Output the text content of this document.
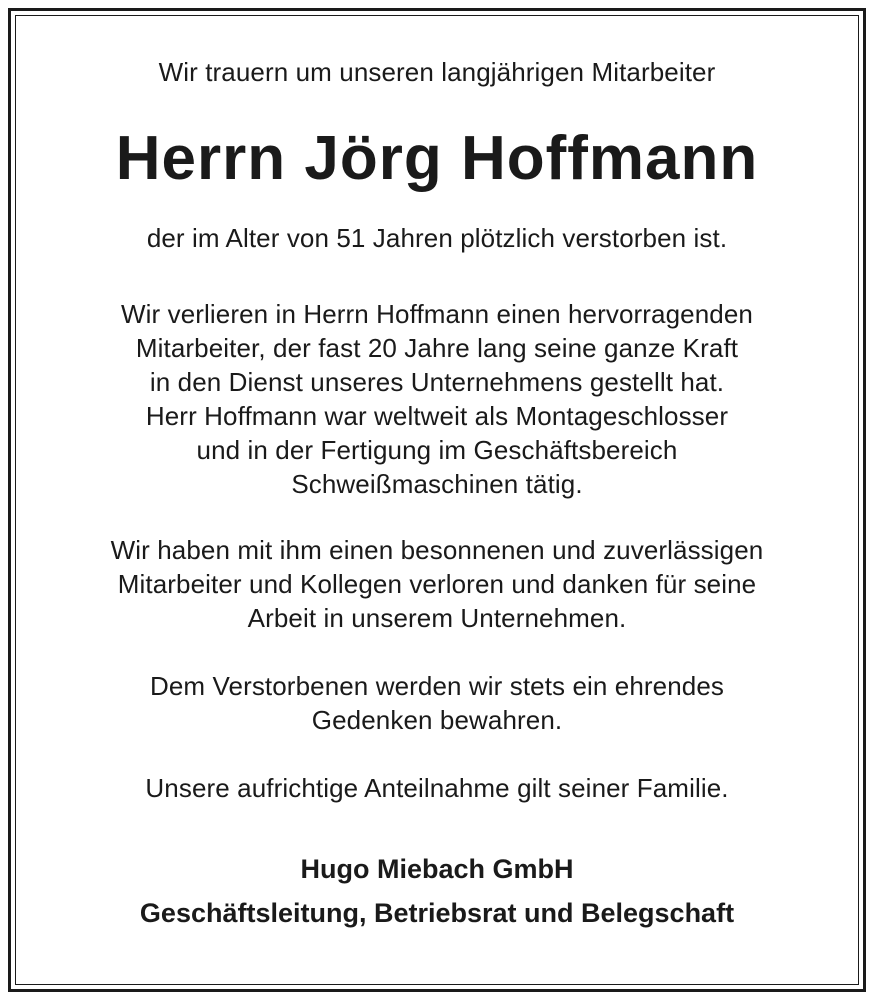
Wir trauern um unseren langjährigen Mitarbeiter
Herrn Jörg Hoffmann
der im Alter von 51 Jahren plötzlich verstorben ist.
Wir verlieren in Herrn Hoffmann einen hervorragenden
Mitarbeiter, der fast 20 Jahre lang seine ganze Kraft
in den Dienst unseres Unternehmens gestellt hat.
Herr Hoffmann war weltweit als Montageschlosser
und in der Fertigung im Geschäftsbereich
Schweißmaschinen tätig.
Wir haben mit ihm einen besonnenen und zuverlässigen
Mitarbeiter und Kollegen verloren und danken für seine
Arbeit in unserem Unternehmen.
Dem Verstorbenen werden wir stets ein ehrendes
Gedenken bewahren.
Unsere aufrichtige Anteilnahme gilt seiner Familie.
Hugo Miebach GmbH
Geschäftsleitung, Betriebsrat und Belegschaft
